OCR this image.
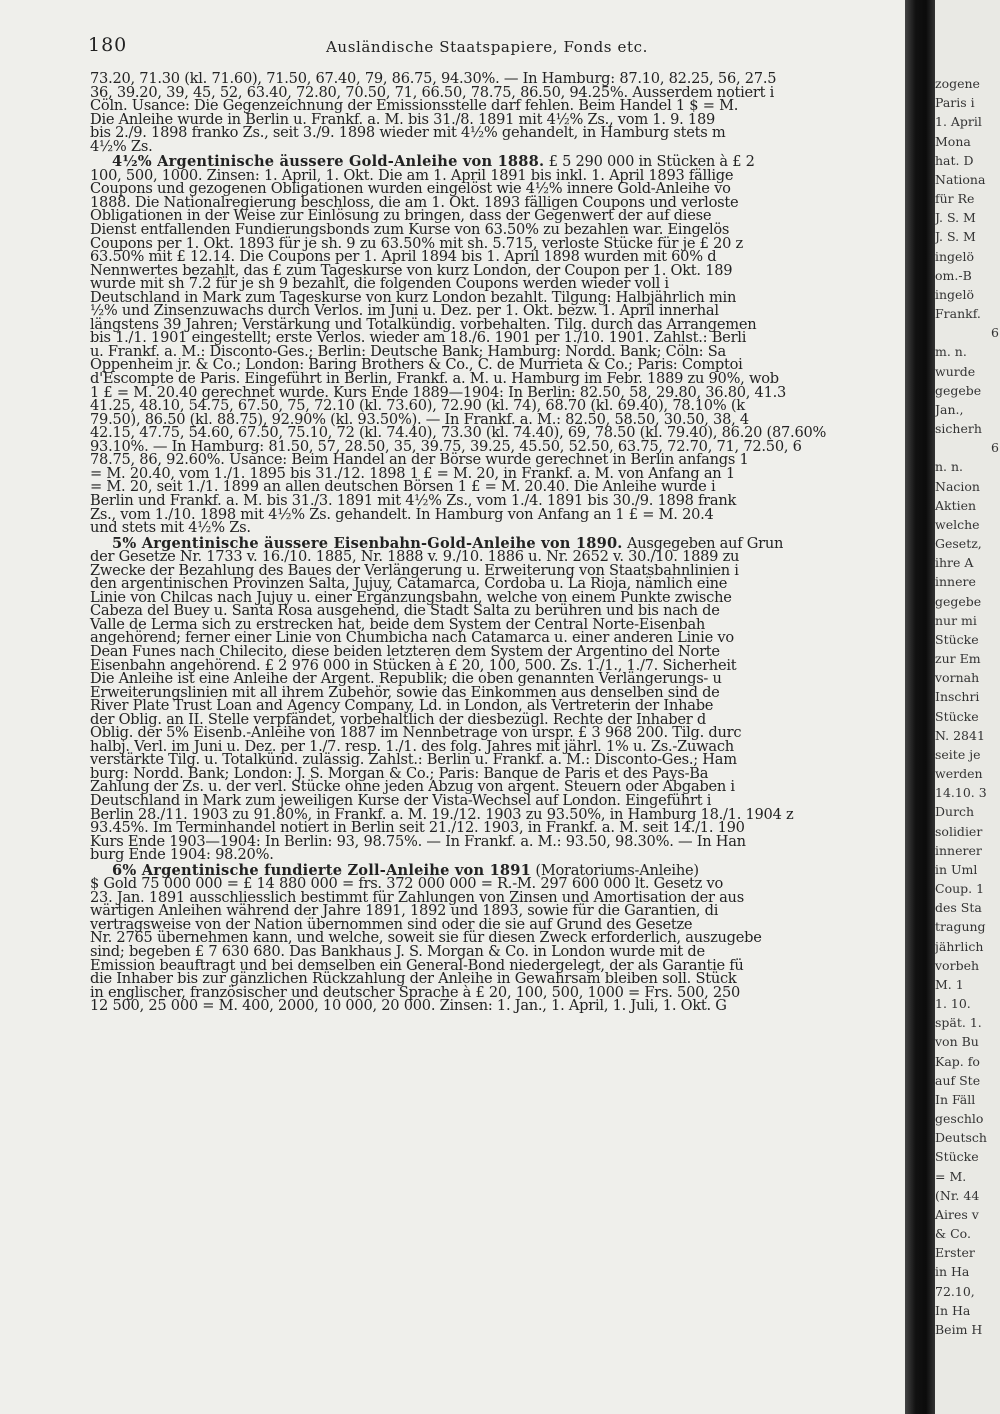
180	Ausländische Staatspapiere, Fonds etc.
73.20, 71.30 (kl. 71.60), 71.50, 67.40, 79, 86.75, 94.30%. — In Hamburg: 87.10, 82.25, 56, 27.5
36, 39.20, 39, 45, 52, 63.40, 72.80, 70.50, 71, 66.50, 78.75, 86.50, 94.25%. Ausserdem notiert i
Cöln. Usance: Die Gegenzeichnung der Emissionsstelle darf fehlen. Beim Handel 1 $ = M.
Die Anleihe wurde in Berlin u. Frankf. a. M. bis 31./8. 1891 mit 4½% Zs., vom 1. 9. 189
bis 2./9. 1898 franko Zs., seit 3./9. 1898 wieder mit 4½% gehandelt, in Hamburg stets m
4½% Zs.
4½% Argentinische äussere Gold-Anleihe von 1888. £ 5 290 000 in Stücken à £ 2
100, 500, 1000. Zinsen: 1. April, 1. Okt. Die am 1. April 1891 bis inkl. 1. April 1893 fällige
Coupons und gezogenen Obligationen wurden eingelöst wie 4½% innere Gold-Anleihe vo
1888. Die Nationalregierung beschloss, die am 1. Okt. 1893 fälligen Coupons und verloste
Obligationen in der Weise zur Einlösung zu bringen, dass der Gegenwert der auf diese
Dienst entfallenden Fundierungsbonds zum Kurse von 63.50% zu bezahlen war. Eingelös
Coupons per 1. Okt. 1893 für je sh. 9 zu 63.50% mit sh. 5.715, verloste Stücke für je £ 20 z
63.50% mit £ 12.14. Die Coupons per 1. April 1894 bis 1. April 1898 wurden mit 60% d
Nennwertes bezahlt, das £ zum Tageskurse von kurz London, der Coupon per 1. Okt. 189
wurde mit sh 7.2 für je sh 9 bezahlt, die folgenden Coupons werden wieder voll i
Deutschland in Mark zum Tageskurse von kurz London bezahlt. Tilgung: Halbjährlich min
½% und Zinsenzuwachs durch Verlos. im Juni u. Dez. per 1. Okt. bezw. 1. April innerhal
längstens 39 Jahren; Verstärkung und Totalkündig. vorbehalten. Tilg. durch das Arrangemen
bis 1./1. 1901 eingestellt; erste Verlos. wieder am 18./6. 1901 per 1./10. 1901. Zahlst.: Berli
u. Frankf. a. M.: Disconto-Ges.; Berlin: Deutsche Bank; Hamburg: Nordd. Bank; Cöln: Sa
Oppenheim jr. & Co.; London: Baring Brothers & Co., C. de Murrieta & Co.; Paris: Comptoi
d'Escompte de Paris. Eingeführt in Berlin, Frankf. a. M. u. Hamburg im Febr. 1889 zu 90%, wob
1 £ = M. 20.40 gerechnet wurde. Kurs Ende 1889—1904: In Berlin: 82.50, 58, 29.80, 36.80, 41.3
41.25, 48.10, 54.75, 67.50, 75, 72.10 (kl. 73.60), 72.90 (kl. 74), 68.70 (kl. 69.40), 78.10% (k
79.50), 86.50 (kl. 88.75), 92.90% (kl. 93.50%). — In Frankf. a. M.: 82.50, 58.50, 30.50, 38, 4
42.15, 47.75, 54.60, 67.50, 75.10, 72 (kl. 74.40), 73.30 (kl. 74.40), 69, 78.50 (kl. 79.40), 86.20 (87.60%
93.10%. — In Hamburg: 81.50, 57, 28.50, 35, 39.75, 39.25, 45.50, 52.50, 63.75, 72.70, 71, 72.50, 6
78.75, 86, 92.60%. Usance: Beim Handel an der Börse wurde gerechnet in Berlin anfangs 1
= M. 20.40, vom 1./1. 1895 bis 31./12. 1898 1 £ = M. 20, in Frankf. a. M. von Anfang an 1
= M. 20, seit 1./1. 1899 an allen deutschen Börsen 1 £ = M. 20.40. Die Anleihe wurde i
Berlin und Frankf. a. M. bis 31./3. 1891 mit 4½% Zs., vom 1./4. 1891 bis 30./9. 1898 frank
Zs., vom 1./10. 1898 mit 4½% Zs. gehandelt. In Hamburg von Anfang an 1 £ = M. 20.4
und stets mit 4½% Zs.
5% Argentinische äussere Eisenbahn-Gold-Anleihe von 1890. Ausgegeben auf Grun
der Gesetze Nr. 1733 v. 16./10. 1885, Nr. 1888 v. 9./10. 1886 u. Nr. 2652 v. 30./10. 1889 zu
Zwecke der Bezahlung des Baues der Verlängerung u. Erweiterung von Staatsbahnlinien i
den argentinischen Provinzen Salta, Jujuy, Catamarca, Cordoba u. La Rioja, nämlich eine
Linie von Chilcas nach Jujuy u. einer Ergänzungsbahn, welche von einem Punkte zwische
Cabeza del Buey u. Santa Rosa ausgehend, die Stadt Salta zu berühren und bis nach de
Valle de Lerma sich zu erstrecken hat, beide dem System der Central Norte-Eisenbah
angehörend; ferner einer Linie von Chumbicha nach Catamarca u. einer anderen Linie vo
Dean Funes nach Chilecito, diese beiden letzteren dem System der Argentino del Norte
Eisenbahn angehörend. £ 2 976 000 in Stücken à £ 20, 100, 500. Zs. 1./1., 1./7. Sicherheit
Die Anleihe ist eine Anleihe der Argent. Republik; die oben genannten Verlängerungs- u
Erweiterungslinien mit all ihrem Zubehör, sowie das Einkommen aus denselben sind de
River Plate Trust Loan and Agency Company, Ld. in London, als Vertreterin der Inhabe
der Oblig. an II. Stelle verpfändet, vorbehaltlich der diesbezügl. Rechte der Inhaber d
Oblig. der 5% Eisenb.-Anleihe von 1887 im Nennbetrage von urspr. £ 3 968 200. Tilg. durc
halbj. Verl. im Juni u. Dez. per 1./7. resp. 1./1. des folg. Jahres mit jährl. 1% u. Zs.-Zuwach
verstärkte Tilg. u. Totalkünd. zulässig. Zahlst.: Berlin u. Frankf. a. M.: Disconto-Ges.; Ham
burg: Nordd. Bank; London: J. S. Morgan & Co.; Paris: Banque de Paris et des Pays-Ba
Zahlung der Zs. u. der verl. Stücke ohne jeden Abzug von argent. Steuern oder Abgaben i
Deutschland in Mark zum jeweiligen Kurse der Vista-Wechsel auf London. Eingeführt i
Berlin 28./11. 1903 zu 91.80%, in Frankf. a. M. 19./12. 1903 zu 93.50%, in Hamburg 18./1. 1904 z
93.45%. Im Terminhandel notiert in Berlin seit 21./12. 1903, in Frankf. a. M. seit 14./1. 190
Kurs Ende 1903—1904: In Berlin: 93, 98.75%. — In Frankf. a. M.: 93.50, 98.30%. — In Han
burg Ende 1904: 98.20%.
6% Argentinische fundierte Zoll-Anleihe von 1891 (Moratoriums-Anleihe)
$ Gold 75 000 000 = £ 14 880 000 = frs. 372 000 000 = R.-M. 297 600 000 lt. Gesetz vo
23. Jan. 1891 ausschliesslich bestimmt für Zahlungen von Zinsen und Amortisation der aus
wärtigen Anleihen während der Jahre 1891, 1892 und 1893, sowie für die Garantien, di
vertragsweise von der Nation übernommen sind oder die sie auf Grund des Gesetze
Nr. 2765 übernehmen kann, und welche, soweit sie für diesen Zweck erforderlich, auszugebe
sind; begeben £ 7 630 680. Das Bankhaus J. S. Morgan & Co. in London wurde mit de
Emission beauftragt und bei demselben ein General-Bond niedergelegt, der als Garantie fü
die Inhaber bis zur gänzlichen Rückzahlung der Anleihe in Gewahrsam bleiben soll. Stück
in englischer, französischer und deutscher Sprache à £ 20, 100, 500, 1000 = Frs. 500, 250
12 500, 25 000 = M. 400, 2000, 10 000, 20 000. Zinsen: 1. Jan., 1. April, 1. Juli, 1. Okt. G
zogene
Paris i
1. April
Mona
hat. D
Nationa
für Re
J. S. M
J. S. M
ingelö
om.-B
ingelö
Frankf.
6
m. n.
wurde
gegebe
Jan.,
sicherh
6
n. n.
Nacion
Aktien
welche
Gesetz,
ihre A
innere
gegebe
nur mi
Stücke
zur Em
vornah
Inschri
Stücke
N. 2841
seite je
werden
14.10. 3
Durch
solidier
innerer
in Uml
Coup. 1
des Sta
tragung
jährlich
vorbeh
M. 1
1. 10.
spät. 1.
von Bu
Kap. fo
auf Ste
In Fäll
geschlo
Deutsch
Stücke
= M.
(Nr. 44
Aires v
& Co.
Erster
in Ha
72.10,
In Ha
Beim H
